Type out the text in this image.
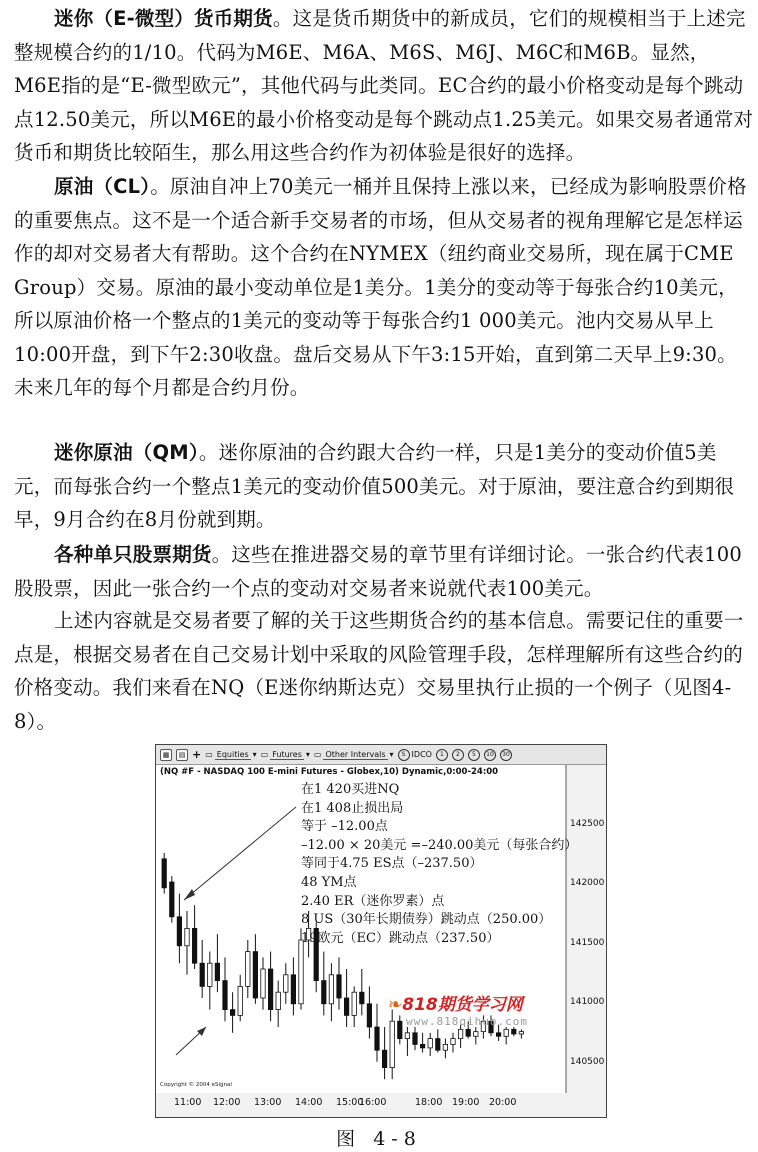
迷你（E-微型）货币期货。这是货币期货中的新成员，它们的规模相当于上述完整规模合约的1/10。代码为M6E、M6A、M6S、M6J、M6C和M6B。显然，M6E指的是“E-微型欧元”，其他代码与此类同。EC合约的最小价格变动是每个跳动点12.50美元，所以M6E的最小价格变动是每个跳动点1.25美元。如果交易者通常对货币和期货比较陌生，那么用这些合约作为初体验是很好的选择。

原油（CL）。原油自冲上70美元一桶并且保持上涨以来，已经成为影响股票价格的重要焦点。这不是一个适合新手交易者的市场，但从交易者的视角理解它是怎样运作的却对交易者大有帮助。这个合约在NYMEX（纽约商业交易所，现在属于CME Group）交易。原油的最小变动单位是1美分。1美分的变动等于每张合约10美元，所以原油价格一个整点的1美元的变动等于每张合约1 000美元。池内交易从早上10:00开盘，到下午2:30收盘。盘后交易从下午3:15开始，直到第二天早上9:30。未来几年的每个月都是合约月份。

迷你原油（QM）。迷你原油的合约跟大合约一样，只是1美分的变动价值5美元，而每张合约一个整点1美元的变动价值500美元。对于原油，要注意合约到期很早，9月合约在8月份就到期。

各种单只股票期货。这些在推进器交易的章节里有详细讨论。一张合约代表100股股票，因此一张合约一个点的变动对交易者来说就代表100美元。

上述内容就是交易者要了解的关于这些期货合约的基本信息。需要记住的重要一点是，根据交易者在自己交易计划中采取的风险管理手段，怎样理解所有这些合约的价格变动。我们来看在NQ（E迷你纳斯达克）交易里执行止损的一个例子（见图4-8）。

▦	▤ + ▭ Equities ▾ ▭ Futures ▾ ▭ Other Intervals ▾	S IDCO	1	2	5	10	30
(NQ #F - NASDAQ 100 E-mini Futures - Globex,10) Dynamic,0:00-24:00
142500
142000
141500
141000
140500
在1 420买进NQ
在1 408止损出局
等于 –12.00点
–12.00 × 20美元 =–240.00美元（每张合约）
等同于4.75 ES点（–237.50）
48 YM点
2.40 ER（迷你罗素）点
8 US（30年长期债券）跳动点（250.00）
19欧元（EC）跳动点（237.50）
❧818期货学习网
www.818qihuo.com
Copyright © 2004 eSignal
11:00 12:00 13:00 14:00 15:00
16:00	18:00 19:00 20:00
图 4-8
